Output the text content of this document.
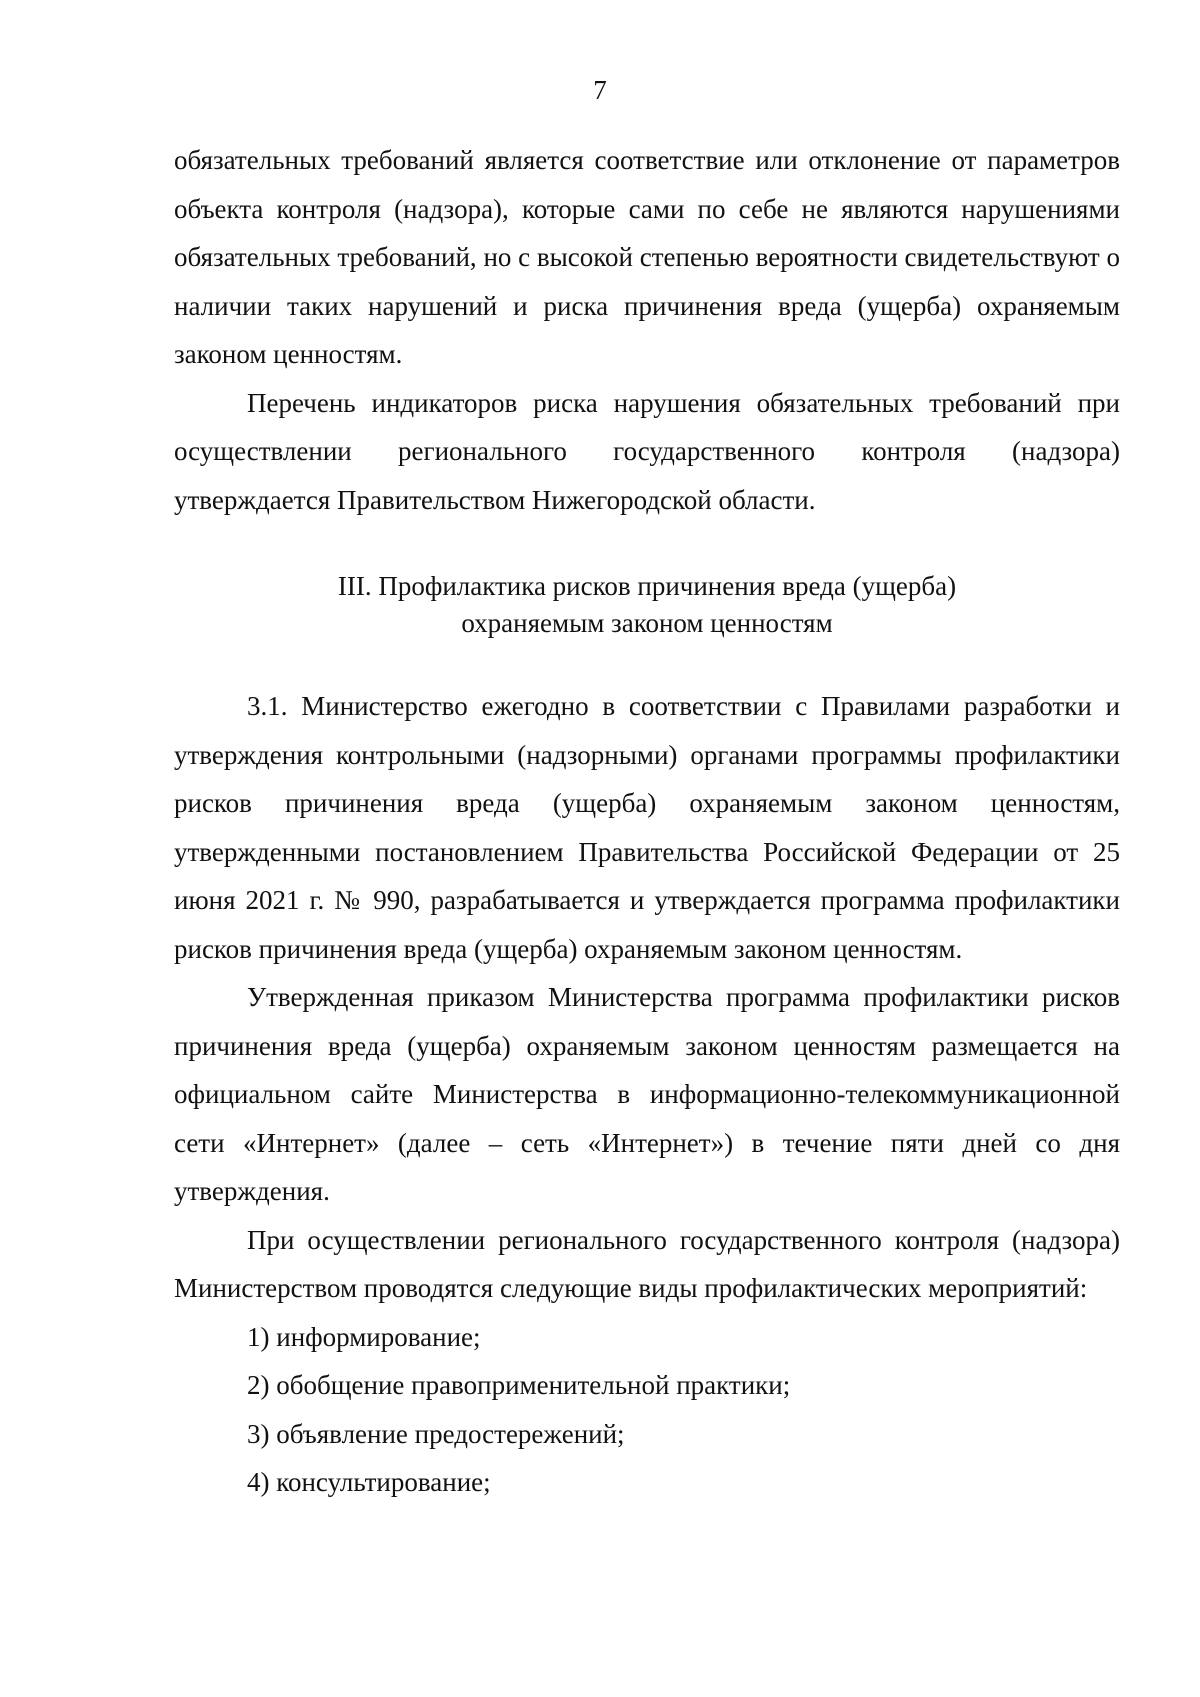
7

обязательных требований является соответствие или отклонение от параметров объекта контроля (надзора), которые сами по себе не являются нарушениями обязательных требований, но с высокой степенью вероятности свидетельствуют о наличии таких нарушений и риска причинения вреда (ущерба) охраняемым законом ценностям.

Перечень индикаторов риска нарушения обязательных требований при осуществлении регионального государственного контроля (надзора) утверждается Правительством Нижегородской области.

III. Профилактика рисков причинения вреда (ущерба)
охраняемым законом ценностям

3.1. Министерство ежегодно в соответствии с Правилами разработки и утверждения контрольными (надзорными) органами программы профилактики рисков причинения вреда (ущерба) охраняемым законом ценностям, утвержденными постановлением Правительства Российской Федерации от 25 июня 2021 г. № 990, разрабатывается и утверждается программа профилактики рисков причинения вреда (ущерба) охраняемым законом ценностям.

Утвержденная приказом Министерства программа профилактики рисков причинения вреда (ущерба) охраняемым законом ценностям размещается на официальном сайте Министерства в информационно-телекоммуникационной сети «Интернет» (далее – сеть «Интернет») в течение пяти дней со дня утверждения.

При осуществлении регионального государственного контроля (надзора) Министерством проводятся следующие виды профилактических мероприятий:

1) информирование;

2) обобщение правоприменительной практики;

3) объявление предостережений;

4) консультирование;
